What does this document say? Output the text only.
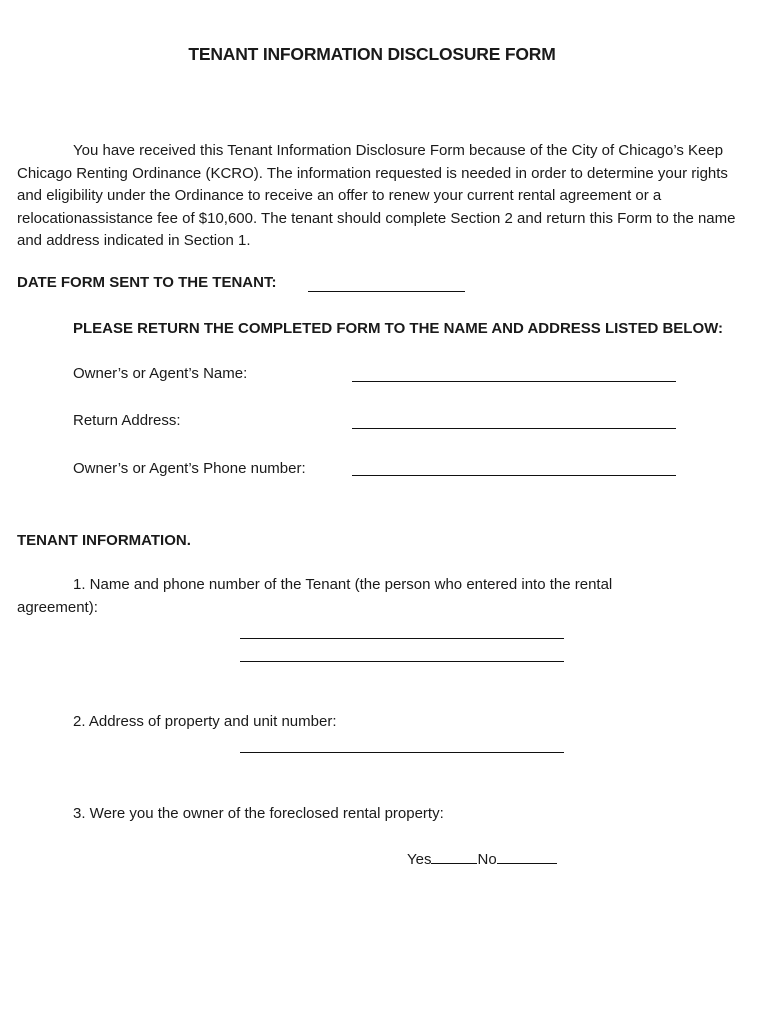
TENANT INFORMATION DISCLOSURE FORM
You have received this Tenant Information Disclosure Form because of the City of Chicago’s Keep Chicago Renting Ordinance (KCRO). The information requested is needed in order to determine your rights and eligibility under the Ordinance to receive an offer to renew your current rental agreement or a relocationassistance fee of $10,600. The tenant should complete Section 2 and return this Form to the name and address indicated in Section 1.
DATE FORM SENT TO THE TENANT:
PLEASE RETURN THE COMPLETED FORM TO THE NAME AND ADDRESS LISTED BELOW:
Owner’s or Agent’s Name:
Return Address:
Owner’s or Agent’s Phone number:
TENANT INFORMATION.
1. Name and phone number of the Tenant (the person who entered into the rental
agreement):
2. Address of property and unit number:
3. Were you the owner of the foreclosed rental property:
Yes	No
